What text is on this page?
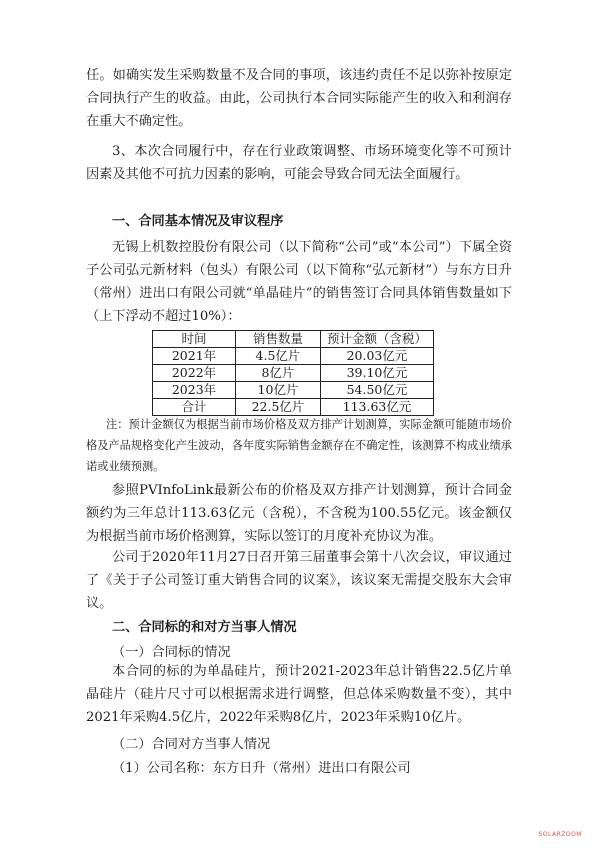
任。如确实发生采购数量不及合同的事项，该违约责任不足以弥补按原定合同执行产生的收益。由此，公司执行本合同实际能产生的收入和利润存在重大不确定性。

3、本次合同履行中，存在行业政策调整、市场环境变化等不可预计因素及其他不可抗力因素的影响，可能会导致合同无法全面履行。

一、合同基本情况及审议程序

无锡上机数控股份有限公司（以下简称“公司”或“本公司”）下属全资子公司弘元新材料（包头）有限公司（以下简称“弘元新材”）与东方日升（常州）进出口有限公司就“单晶硅片”的销售签订合同具体销售数量如下（上下浮动不超过10%）：

时间	销售数量	预计金额（含税）
2021年	4.5亿片	20.03亿元
2022年	8亿片	39.10亿元
2023年	10亿片	54.50亿元
合计	22.5亿片	113.63亿元

注：预计金额仅为根据当前市场价格及双方排产计划测算，实际金额可能随市场价格及产品规格变化产生波动，各年度实际销售金额存在不确定性，该测算不构成业绩承诺或业绩预测。

参照PVInfoLink最新公布的价格及双方排产计划测算，预计合同金额约为三年总计113.63亿元（含税），不含税为100.55亿元。该金额仅为根据当前市场价格测算，实际以签订的月度补充协议为准。

公司于2020年11月27日召开第三届董事会第十八次会议，审议通过了《关于子公司签订重大销售合同的议案》，该议案无需提交股东大会审议。

二、合同标的和对方当事人情况

（一）合同标的情况

本合同的标的为单晶硅片，预计2021-2023年总计销售22.5亿片单晶硅片（硅片尺寸可以根据需求进行调整，但总体采购数量不变），其中2021年采购4.5亿片，2022年采购8亿片，2023年采购10亿片。

（二）合同对方当事人情况

（1）公司名称：东方日升（常州）进出口有限公司

SOLARZOOM
